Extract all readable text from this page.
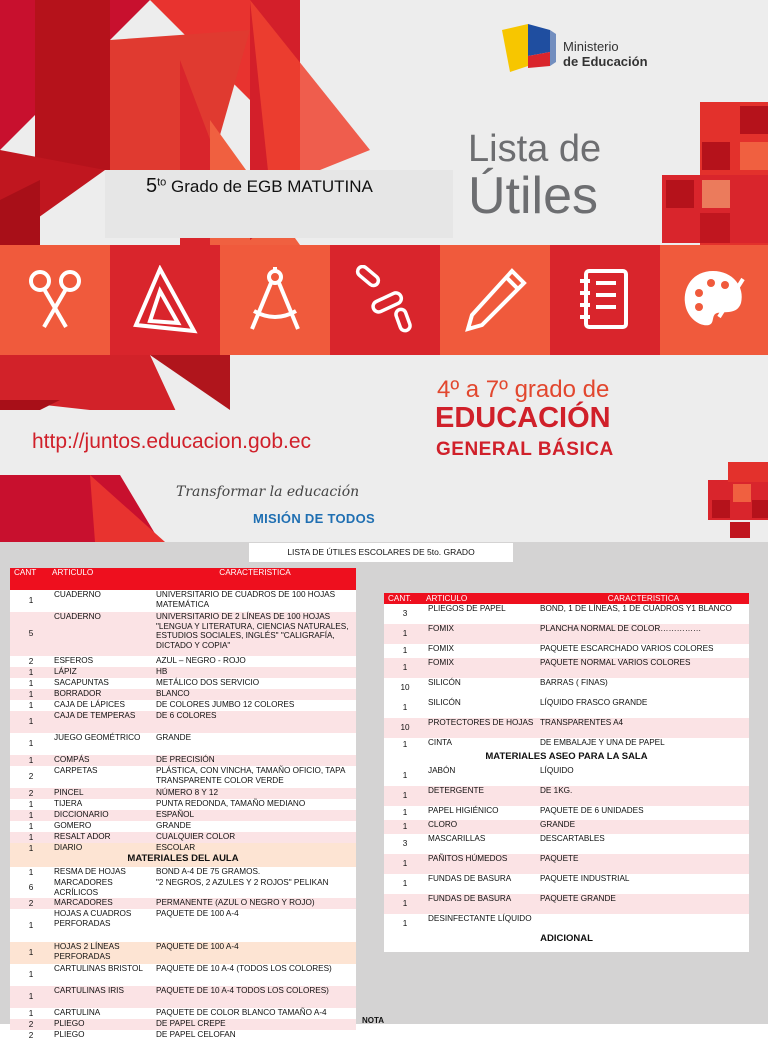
$5^{to}$ Grado de EGB MATUTINA
Lista de
Útiles
Ministerio
de Educación
http://juntos.educacion.gob.ec
4º a 7º grado de
EDUCACIÓN
GENERAL BÁSICA
Transformar la educación
MISIÓN DE TODOS
LISTA DE ÚTILES ESCOLARES DE 5to. GRADO
CANT	ARTICULO	CARACTERISTICA
1	CUADERNO	UNIVERSITARIO DE CUADROS DE 100 HOJAS MATEMÁTICA
5	CUADERNO	UNIVERSITARIO DE 2 LÍNEAS DE 100 HOJAS "LENGUA Y LITERATURA, CIENCIAS NATURALES, ESTUDIOS SOCIALES, INGLÉS" "CALIGRAFÍA, DICTADO Y COPIA"
2	ESFEROS	AZUL – NEGRO - ROJO
1	LÁPIZ	HB
1	SACAPUNTAS	METÁLICO DOS SERVICIO
1	BORRADOR	BLANCO
1	CAJA DE LÁPICES	DE COLORES JUMBO 12 COLORES
1	CAJA DE TEMPERAS	DE 6 COLORES
1	JUEGO GEOMÉTRICO	GRANDE
1	COMPÁS	DE PRECISIÓN
2	CARPETAS	PLÁSTICA, CON VINCHA, TAMAÑO OFICIO, TAPA TRANSPARENTE COLOR VERDE
2	PINCEL	NÚMERO 8 Y 12
1	TIJERA	PUNTA REDONDA, TAMAÑO MEDIANO
1	DICCIONARIO	ESPAÑOL
1	GOMERO	GRANDE
1	RESALT ADOR	CUALQUIER COLOR
1	DIARIO	ESCOLAR
MATERIALES DEL AULA		
1	RESMA DE HOJAS	BOND A-4 DE 75 GRAMOS.
6	MARCADORES ACRÍLICOS	"2 NEGROS, 2 AZULES Y 2 ROJOS" PELIKAN
2	MARCADORES	PERMANENTE (AZUL O NEGRO Y ROJO)
1	HOJAS A CUADROS PERFORADAS	PAQUETE DE 100 A-4
1	HOJAS 2 LÍNEAS PERFORADAS	PAQUETE DE 100 A-4
1	CARTULINAS BRISTOL	PAQUETE DE 10 A-4 (TODOS LOS COLORES)
1	CARTULINAS IRIS	PAQUETE DE 10 A-4 TODOS LOS COLORES)
1	CARTULINA	PAQUETE DE COLOR BLANCO TAMAÑO A-4
2	PLIEGO	DE PAPEL CREPE
2	PLIEGO	DE PAPEL CELOFAN
CANT.	ARTICULO	CARACTERISTICA
3	PLIEGOS DE PAPEL	BOND, 1 DE LÍNEAS, 1 DE CUADROS Y1 BLANCO
1	FOMIX	PLANCHA NORMAL DE COLOR……………
1	FOMIX	PAQUETE ESCARCHADO VARIOS COLORES
1	FOMIX	PAQUETE NORMAL VARIOS COLORES
10	SILICÓN	BARRAS ( FINAS)
1	SILICÓN	LÍQUIDO FRASCO GRANDE
10	PROTECTORES DE HOJAS	TRANSPARENTES A4
1	CINTA	DE EMBALAJE Y UNA DE PAPEL
MATERIALES ASEO PARA LA SALA		
1	JABÓN	LÍQUIDO
1	DETERGENTE	DE 1KG.
1	PAPEL HIGIÉNICO	PAQUETE DE 6 UNIDADES
1	CLORO	GRANDE
3	MASCARILLAS	DESCARTABLES
1	PAÑITOS HÚMEDOS	PAQUETE
1	FUNDAS DE BASURA	PAQUETE INDUSTRIAL
1	FUNDAS DE BASURA	PAQUETE GRANDE
1	DESINFECTANTE LÍQUIDO	
ADICIONAL		
NOTA
